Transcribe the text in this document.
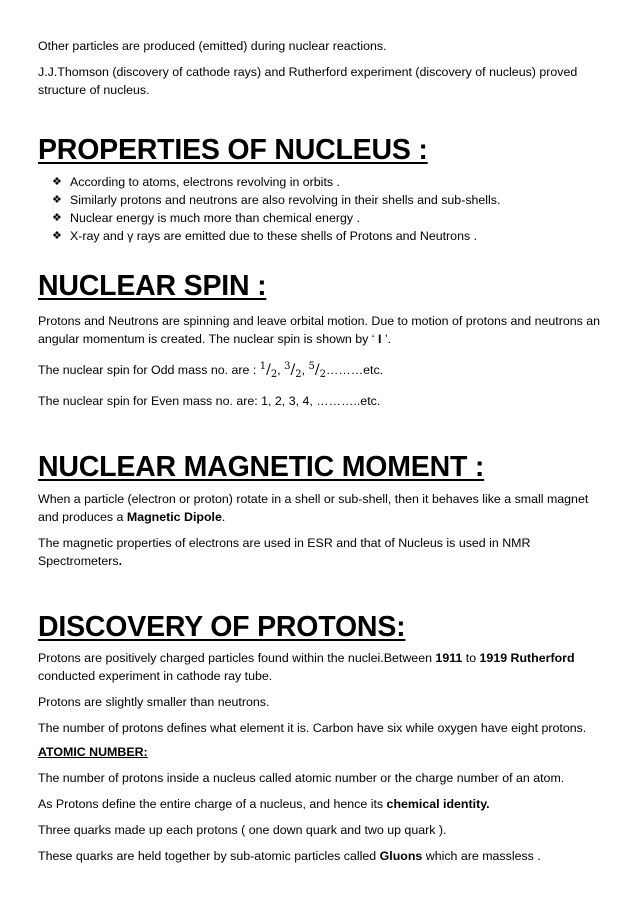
Other particles are produced (emitted) during nuclear reactions.

J.J.Thomson (discovery of cathode rays) and Rutherford experiment (discovery of nucleus) proved structure of nucleus.

PROPERTIES OF NUCLEUS :
❖ According to atoms, electrons revolving in orbits .
❖ Similarly protons and neutrons are also revolving in their shells and sub-shells.
❖ Nuclear energy is much more than chemical energy .
❖ X-ray and γ rays are emitted due to these shells of Protons and Neutrons .
NUCLEAR SPIN :

Protons and Neutrons are spinning and leave orbital motion. Due to motion of protons and neutrons an angular momentum is created. The nuclear spin is shown by ‘ I ’.

The nuclear spin for Odd mass no. are : $^1/_2$, $^3/_2$, $^5/_2\dots\dots\dots etc$.

The nuclear spin for Even mass no. are: 1, 2, 3, 4, ………..etc.

NUCLEAR MAGNETIC MOMENT :

When a particle (electron or proton) rotate in a shell or sub-shell, then it behaves like a small magnet and produces a Magnetic Dipole.

The magnetic properties of electrons are used in ESR and that of Nucleus is used in NMR Spectrometers.

DISCOVERY OF PROTONS:

Protons are positively charged particles found within the nuclei.Between 1911 to 1919 Rutherford conducted experiment in cathode ray tube.

Protons are slightly smaller than neutrons.

The number of protons defines what element it is. Carbon have six while oxygen have eight protons.

ATOMIC NUMBER:

The number of protons inside a nucleus called atomic number or the charge number of an atom.

As Protons define the entire charge of a nucleus, and hence its chemical identity.

Three quarks made up each protons ( one down quark and two up quark ).

These quarks are held together by sub-atomic particles called Gluons which are massless .
